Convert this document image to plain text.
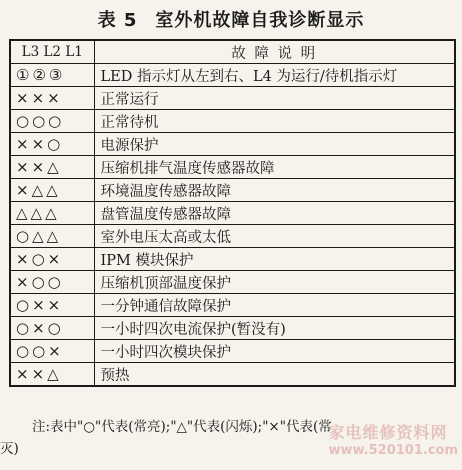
表 5 室外机故障自我诊断显示
L3 L2 L1	故 障 说 明
①②③	LED 指示灯从左到右、L4 为运行/待机指示灯
×××	正常运行
○○○	正常待机
××○	电源保护
××△	压缩机排气温度传感器故障
×△△	环境温度传感器故障
△△△	盘管温度传感器故障
○△△	室外电压太高或太低
×○×	IPM 模块保护
×○○	压缩机顶部温度保护
○××	一分钟通信故障保护
○×○	一小时四次电流保护(暂没有)
○○×	一小时四次模块保护
××△	预热
注:表中"○"代表(常亮);"△"代表(闪烁);"×"代表(常
灭)
家电维修资料网
www.520101.com
